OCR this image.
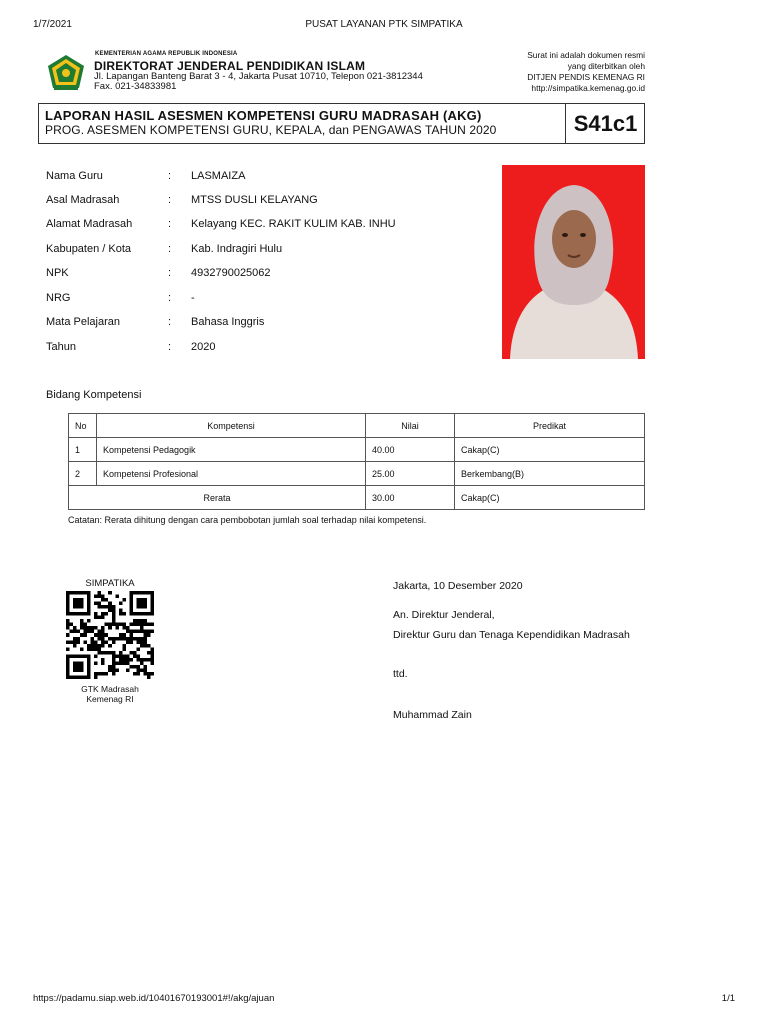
1/7/2021	PUSAT LAYANAN PTK SIMPATIKA
https://padamu.siap.web.id/10401670193001#!/akg/ajuan	1/1
KEMENTERIAN AGAMA REPUBLIK INDONESIA
DIREKTORAT JENDERAL PENDIDIKAN ISLAM
Jl. Lapangan Banteng Barat 3 - 4, Jakarta Pusat 10710, Telepon 021-3812344
Fax. 021-34833981
Surat ini adalah dokumen resmi
yang diterbitkan oleh
DITJEN PENDIS KEMENAG RI
http://simpatika.kemenag.go.id
LAPORAN HASIL ASESMEN KOMPETENSI GURU MADRASAH (AKG)
PROG. ASESMEN KOMPETENSI GURU, KEPALA, dan PENGAWAS TAHUN 2020	S41c1
Nama Guru	: LASMAIZA
Asal Madrasah	: MTSS DUSLI KELAYANG
Alamat Madrasah	: Kelayang KEC. RAKIT KULIM KAB. INHU
Kabupaten / Kota	: Kab. Indragiri Hulu
NPK	: 4932790025062
NRG	: -
Mata Pelajaran	: Bahasa Inggris
Tahun	: 2020
Bidang Kompetensi
No	Kompetensi	Nilai	Predikat
1	Kompetensi Pedagogik	40.00	Cakap(C)
2	Kompetensi Profesional	25.00	Berkembang(B)
Rerata		30.00	Cakap(C)
Catatan: Rerata dihitung dengan cara pembobotan jumlah soal terhadap nilai kompetensi.
SIMPATIKA
GTK Madrasah
Kemenag RI
Jakarta, 10 Desember 2020
An. Direktur Jenderal,
Direktur Guru dan Tenaga Kependidikan Madrasah
ttd.
Muhammad Zain
